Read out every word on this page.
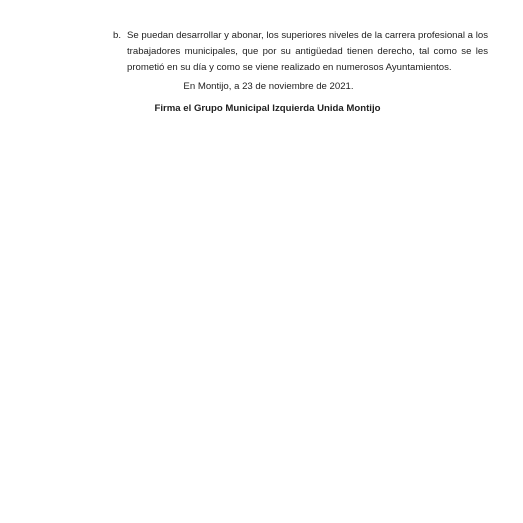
b. Se puedan desarrollar y abonar, los superiores niveles de la carrera profesional a los
trabajadores municipales, que por su antigüedad tienen derecho, tal como se les
prometió en su día y como se viene realizado en numerosos Ayuntamientos.
En Montijo, a 23 de noviembre de 2021.
Firma el Grupo Municipal Izquierda Unida Montijo
